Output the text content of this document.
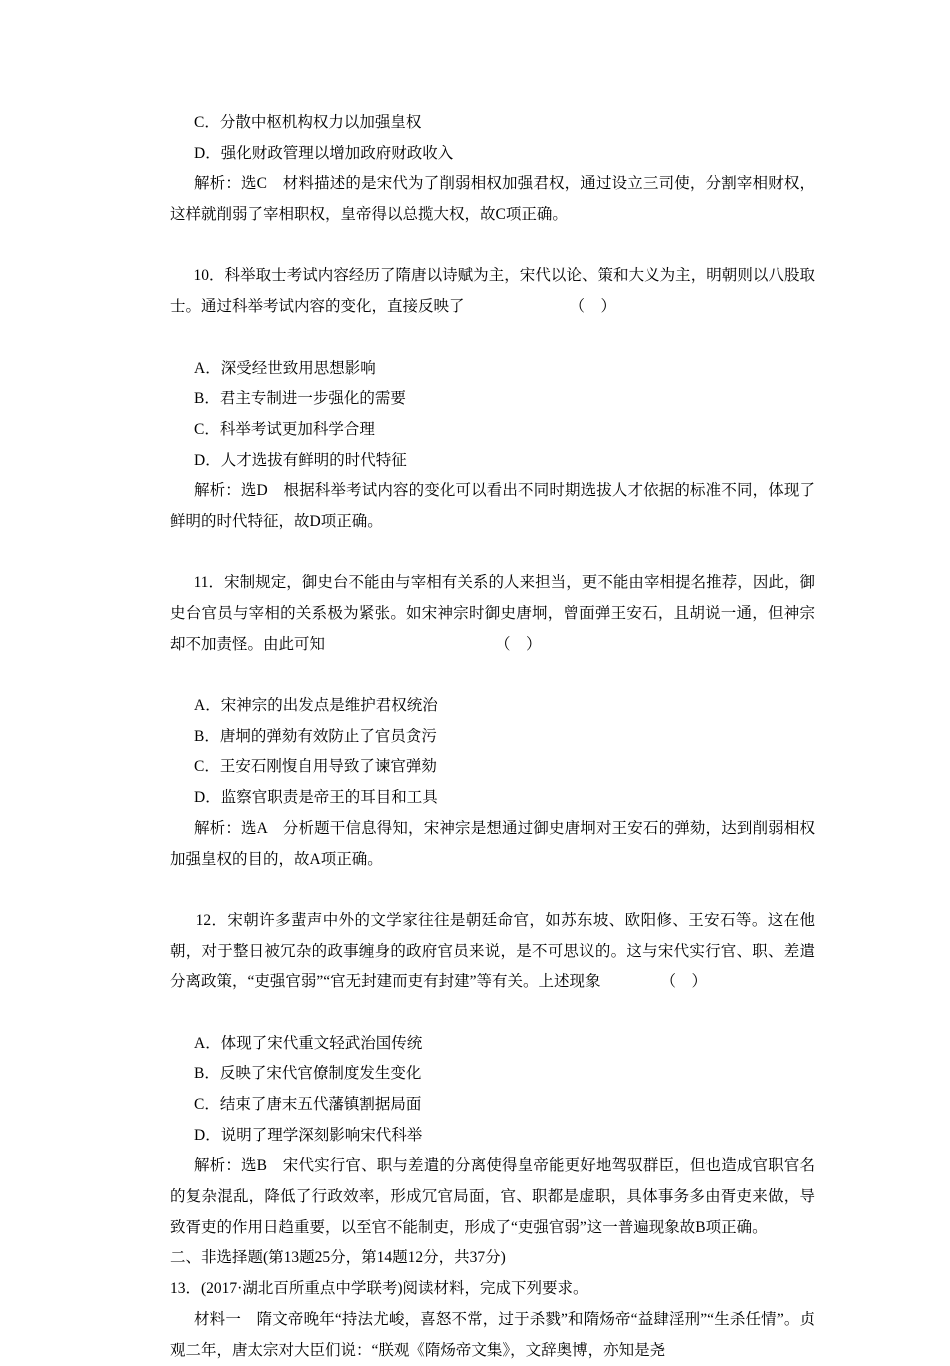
C．分散中枢机构权力以加强皇权

D．强化财政管理以增加政府财政收入

解析：选C　材料描述的是宋代为了削弱相权加强君权，通过设立三司使，分割宰相财权，这样就削弱了宰相职权，皇帝得以总揽大权，故C项正确。

10．科举取士考试内容经历了隋唐以诗赋为主，宋代以论、策和大义为主，明朝则以八股取士。通过科举考试内容的变化，直接反映了	（　）

A．深受经世致用思想影响

B．君主专制进一步强化的需要

C．科举考试更加科学合理

D．人才选拔有鲜明的时代特征

解析：选D　根据科举考试内容的变化可以看出不同时期选拔人才依据的标准不同，体现了鲜明的时代特征，故D项正确。

11．宋制规定，御史台不能由与宰相有关系的人来担当，更不能由宰相提名推荐，因此，御史台官员与宰相的关系极为紧张。如宋神宗时御史唐坰，曾面弹王安石，且胡说一通，但神宗却不加责怪。由此可知	（　）

A．宋神宗的出发点是维护君权统治

B．唐坰的弹劾有效防止了官员贪污

C．王安石刚愎自用导致了谏官弹劾

D．监察官职责是帝王的耳目和工具

解析：选A　分析题干信息得知，宋神宗是想通过御史唐坰对王安石的弹劾，达到削弱相权加强皇权的目的，故A项正确。

12．宋朝许多蜚声中外的文学家往往是朝廷命官，如苏东坡、欧阳修、王安石等。这在他朝，对于整日被冗杂的政事缠身的政府官员来说，是不可思议的。这与宋代实行官、职、差遣分离政策，“吏强官弱”“官无封建而吏有封建”等有关。上述现象	（　）

A．体现了宋代重文轻武治国传统

B．反映了宋代官僚制度发生变化

C．结束了唐末五代藩镇割据局面

D．说明了理学深刻影响宋代科举

解析：选B　宋代实行官、职与差遣的分离使得皇帝能更好地驾驭群臣，但也造成官职官名的复杂混乱，降低了行政效率，形成冗官局面，官、职都是虚职，具体事务多由胥吏来做，导致胥吏的作用日趋重要，以至官不能制吏，形成了“吏强官弱”这一普遍现象故B项正确。

二、非选择题(第13题25分，第14题12分，共37分)

13．(2017·湖北百所重点中学联考)阅读材料，完成下列要求。

材料一　隋文帝晚年“持法尤峻，喜怒不常，过于杀戮”和隋炀帝“益肆淫刑”“生杀任情”。贞观二年，唐太宗对大臣们说：“朕观《隋炀帝文集》，文辞奥博，亦知是尧
